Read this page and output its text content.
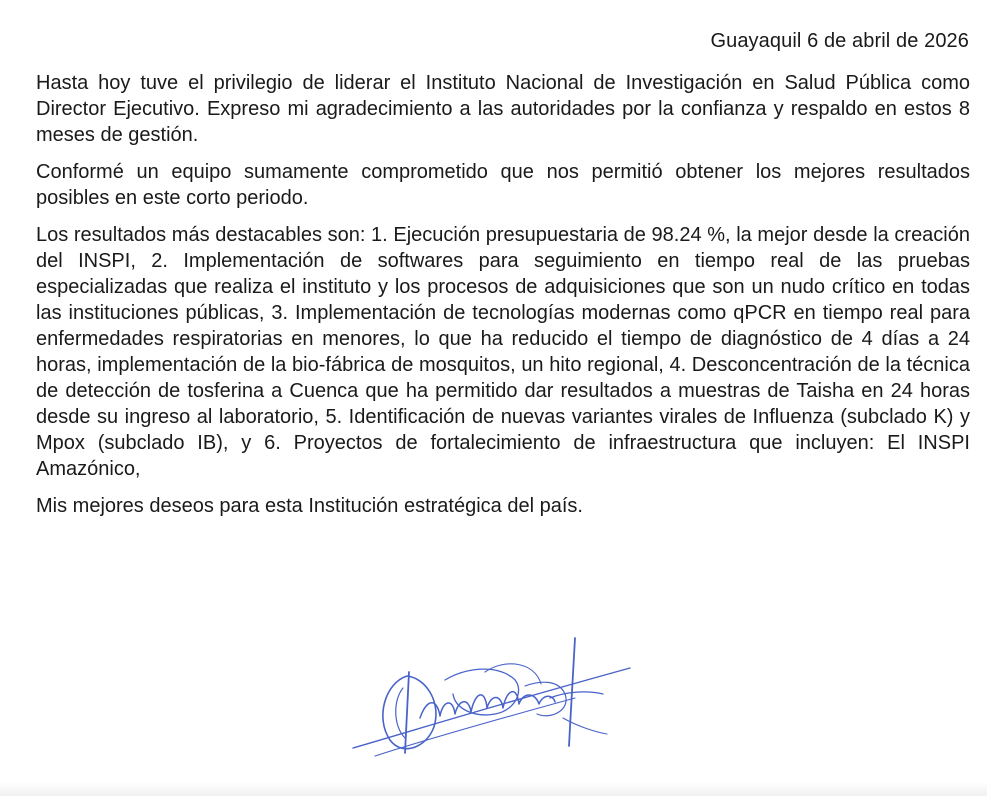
Guayaquil 6 de abril de 2026

Hasta hoy tuve el privilegio de liderar el Instituto Nacional de Investigación en Salud Pública como Director Ejecutivo. Expreso mi agradecimiento a las autoridades por la confianza y respaldo en estos 8 meses de gestión.

Conformé un equipo sumamente comprometido que nos permitió obtener los mejores resultados posibles en este corto periodo.

Los resultados más destacables son: 1. Ejecución presupuestaria de 98.24 %, la mejor desde la creación del INSPI, 2. Implementación de softwares para seguimiento en tiempo real de las pruebas especializadas que realiza el instituto y los procesos de adquisiciones que son un nudo crítico en todas las instituciones públicas, 3. Implementación de tecnologías modernas como qPCR en tiempo real para enfermedades respiratorias en menores, lo que ha reducido el tiempo de diagnóstico de 4 días a 24 horas, implementación de la bio-fábrica de mosquitos, un hito regional, 4. Desconcentración de la técnica de detección de tosferina a Cuenca que ha permitido dar resultados a muestras de Taisha en 24 horas desde su ingreso al laboratorio, 5. Identificación de nuevas variantes virales de Influenza (subclado K) y Mpox (subclado IB), y 6. Proyectos de fortalecimiento de infraestructura que incluyen: El INSPI Amazónico,

Mis mejores deseos para esta Institución estratégica del país.
